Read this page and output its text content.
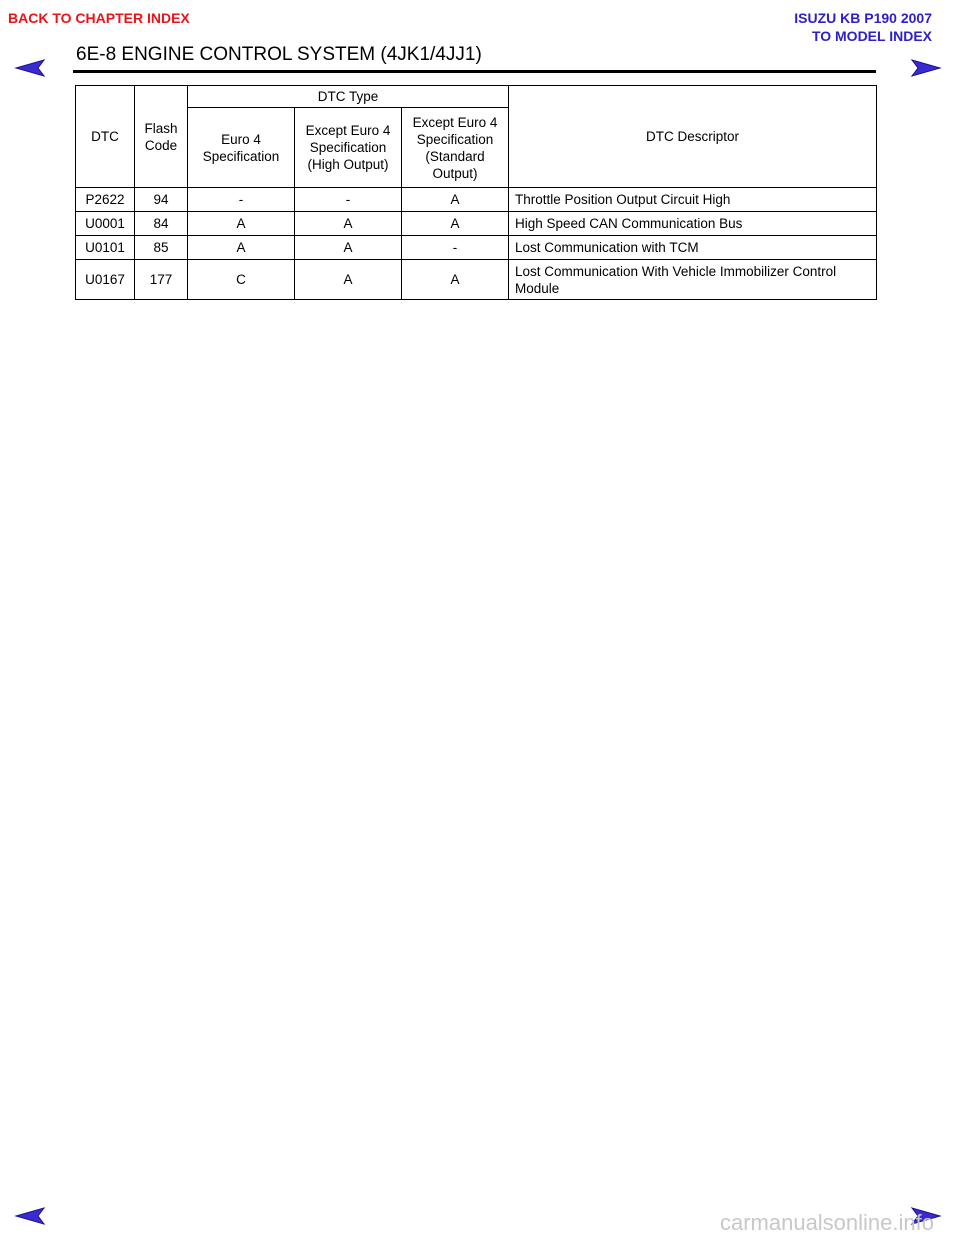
BACK TO CHAPTER INDEX	ISUZU KB P190 2007
TO MODEL INDEX
6E-8 ENGINE CONTROL SYSTEM (4JK1/4JJ1)
DTC	Flash Code	DTC Type			DTC Descriptor
		Euro 4 Specification	Except Euro 4 Specification (High Output)	Except Euro 4 Specification (Standard Output)	
P2622	94	-	-	A	Throttle Position Output Circuit High
U0001	84	A	A	A	High Speed CAN Communication Bus
U0101	85	A	A	-	Lost Communication with TCM
U0167	177	C	A	A	Lost Communication With Vehicle Immobilizer Control Module
carmanualsonline.info
